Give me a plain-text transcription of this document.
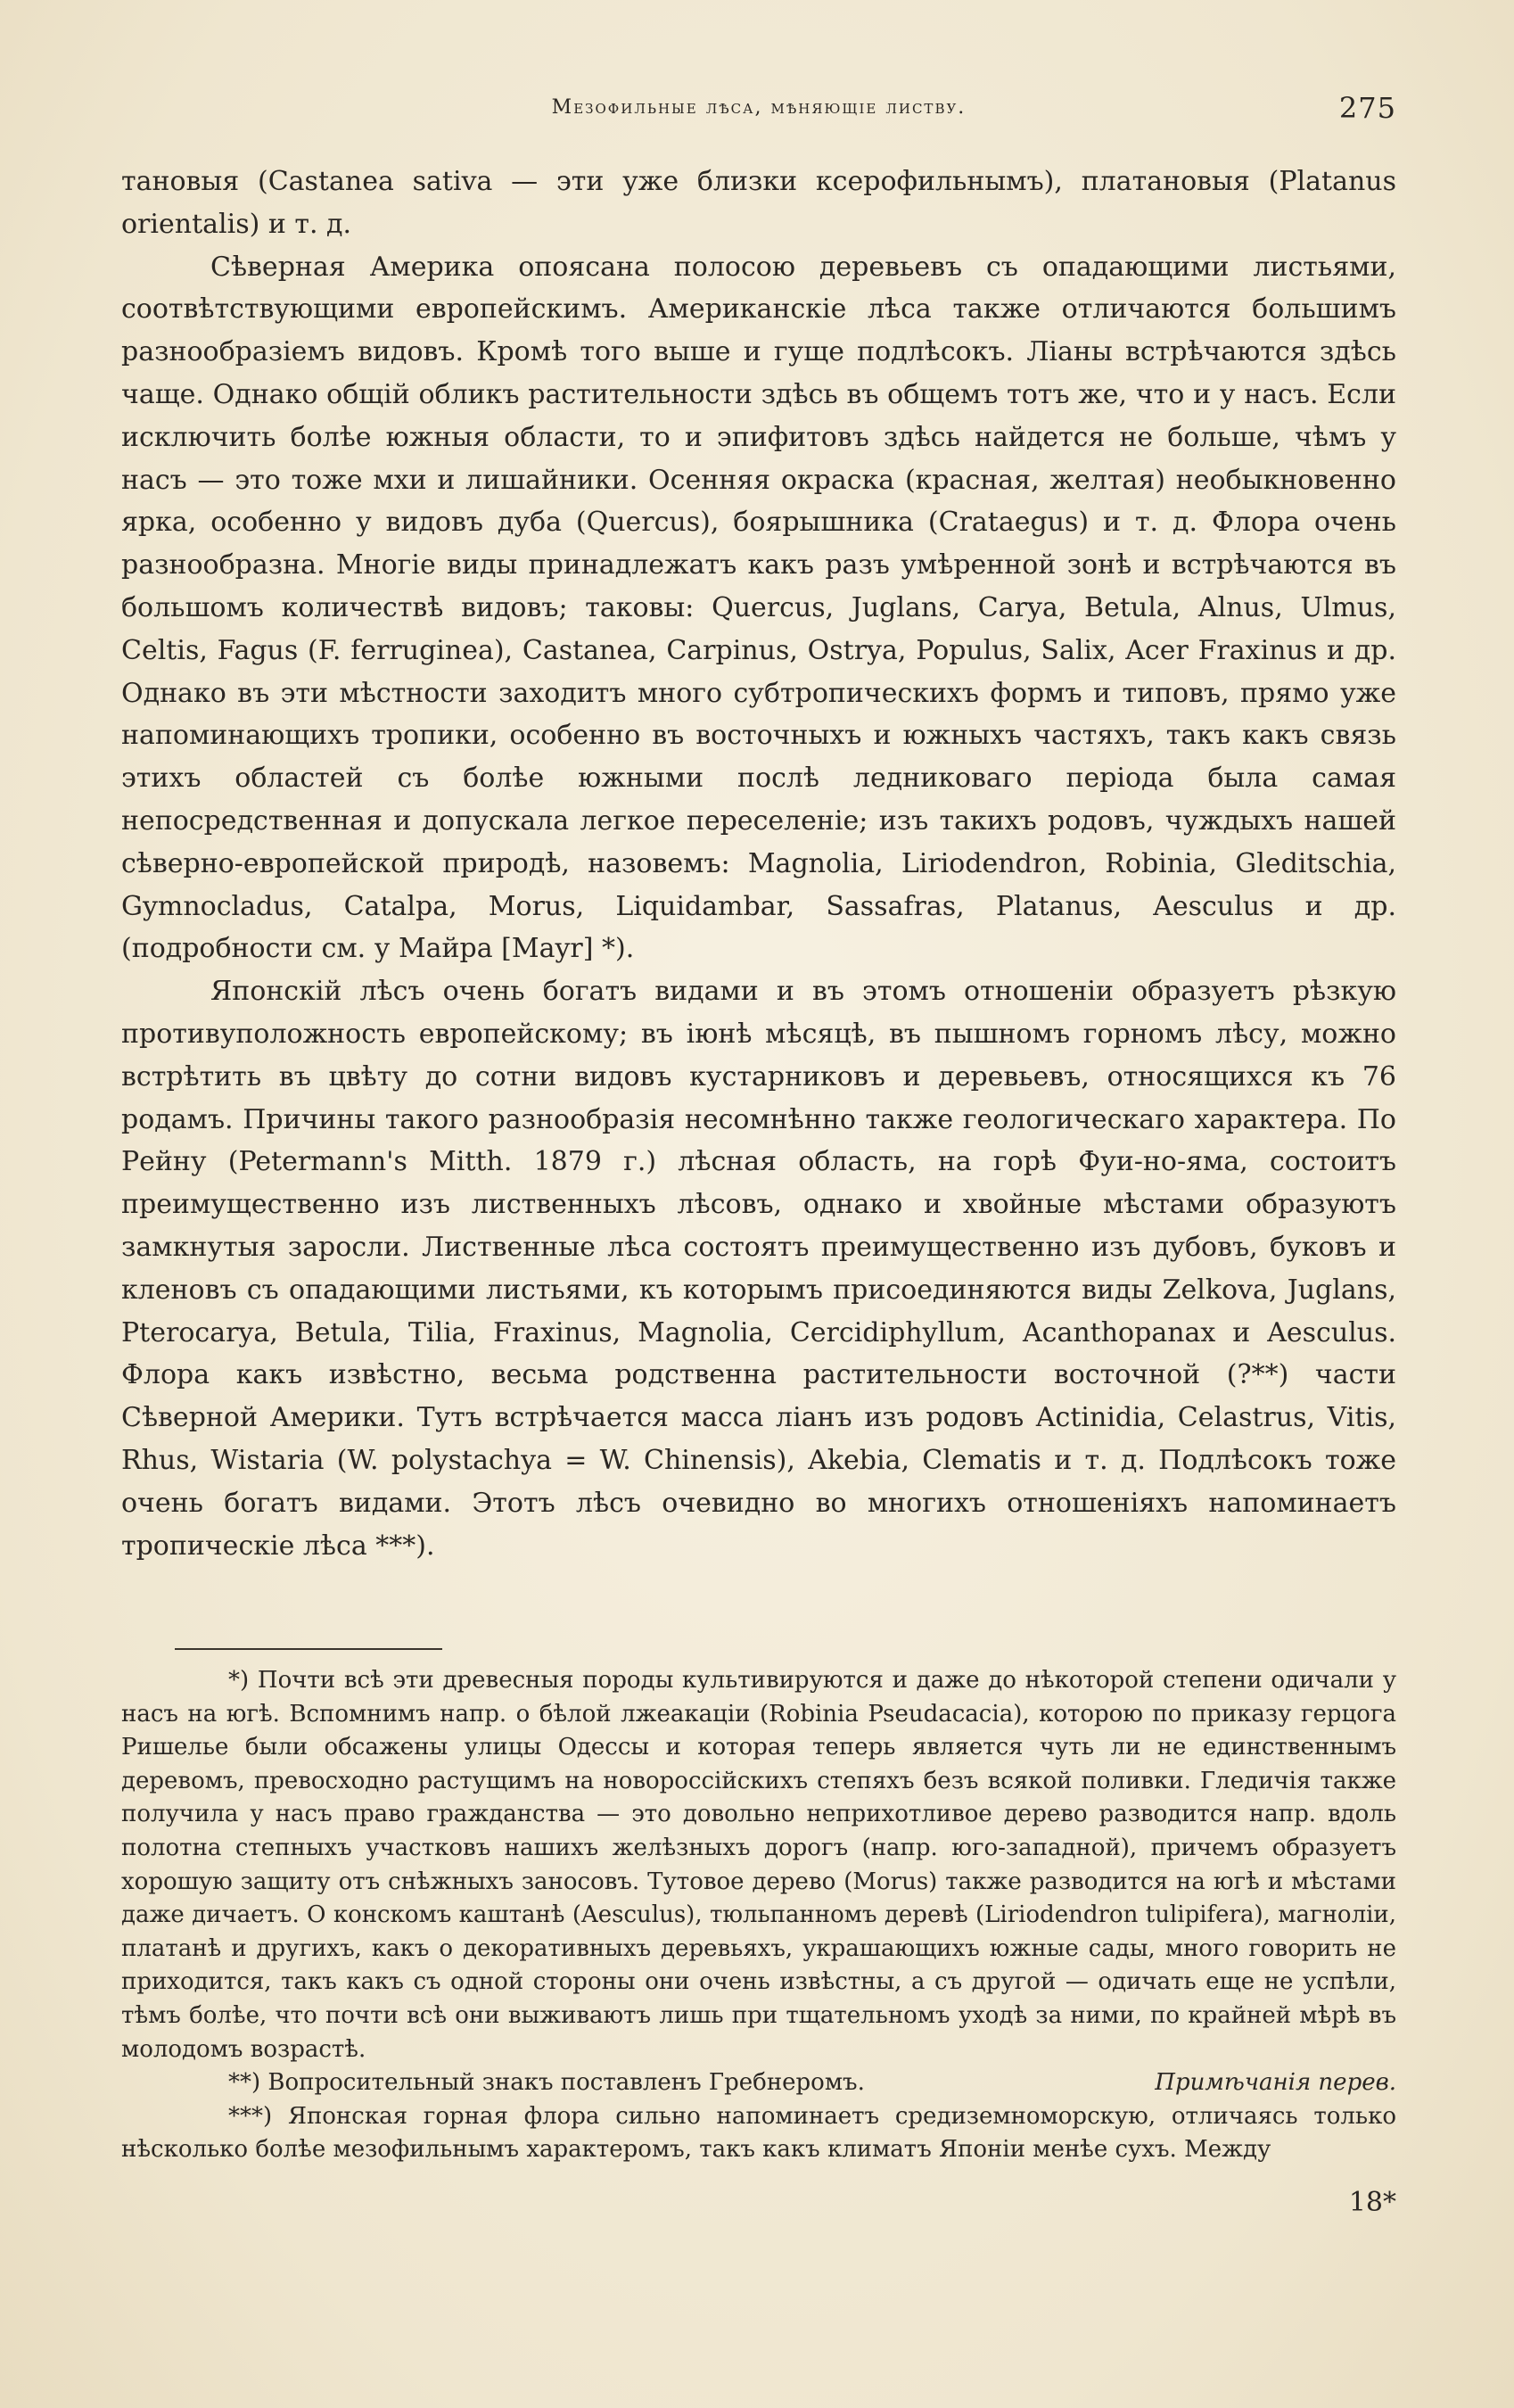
Мезофильные лѣса, мѣняющіе листву.	275

тановыя (Castanea sativa — эти уже близки ксерофильнымъ), платановыя (Platanus orientalis) и т. д.

Сѣверная Америка опоясана полосою деревьевъ съ опадающими листьями, соотвѣтствующими европейскимъ. Американскіе лѣса также отличаются большимъ разнообразіемъ видовъ. Кромѣ того выше и гуще подлѣсокъ. Ліаны встрѣчаются здѣсь чаще. Однако общій обликъ растительности здѣсь въ общемъ тотъ же, что и у насъ. Если исключить болѣе южныя области, то и эпифитовъ здѣсь найдется не больше, чѣмъ у насъ — это тоже мхи и лишайники. Осенняя окраска (красная, желтая) необыкновенно ярка, особенно у видовъ дуба (Quercus), боярышника (Crataegus) и т. д. Флора очень разнообразна. Многіе виды принадлежатъ какъ разъ умѣренной зонѣ и встрѣчаются въ большомъ количествѣ видовъ; таковы: Quercus, Juglans, Carya, Betula, Alnus, Ulmus, Celtis, Fagus (F. ferruginea), Castanea, Carpinus, Ostrya, Populus, Salix, Acer Fraxinus и др. Однако въ эти мѣстности заходитъ много субтропическихъ формъ и типовъ, прямо уже напоминающихъ тропики, особенно въ восточныхъ и южныхъ частяхъ, такъ какъ связь этихъ областей съ болѣе южными послѣ ледниковаго періода была самая непосредственная и допускала легкое переселеніе; изъ такихъ родовъ, чуждыхъ нашей сѣверно-европейской природѣ, назовемъ: Magnolia, Liriodendron, Robinia, Gleditschia, Gymnocladus, Catalpa, Morus, Liquidambar, Sassafras, Platanus, Aesculus и др. (подробности см. у Майра [Mayr] *).

Японскій лѣсъ очень богатъ видами и въ этомъ отношеніи образуетъ рѣзкую противуположность европейскому; въ іюнѣ мѣсяцѣ, въ пышномъ горномъ лѣсу, можно встрѣтить въ цвѣту до сотни видовъ кустарниковъ и деревьевъ, относящихся къ 76 родамъ. Причины такого разнообразія несомнѣнно также геологическаго характера. По Рейну (Petermann's Mitth. 1879 г.) лѣсная область, на горѣ Фуи-но-яма, состоитъ преимущественно изъ лиственныхъ лѣсовъ, однако и хвойные мѣстами образуютъ замкнутыя заросли. Лиственные лѣса состоятъ преимущественно изъ дубовъ, буковъ и кленовъ съ опадающими листьями, къ которымъ присоединяются виды Zelkova, Juglans, Pterocarya, Betula, Tilia, Fraxinus, Magnolia, Cercidiphyllum, Acanthopanax и Aesculus. Флора какъ извѣстно, весьма родственна растительности восточной (?**) части Сѣверной Америки. Тутъ встрѣчается масса ліанъ изъ родовъ Actinidia, Celastrus, Vitis, Rhus, Wistaria (W. polystachya = W. Chinensis), Akebia, Clematis и т. д. Подлѣсокъ тоже очень богатъ видами. Этотъ лѣсъ очевидно во многихъ отношеніяхъ напоминаетъ тропическіе лѣса ***).

*) Почти всѣ эти древесныя породы культивируются и даже до нѣкоторой степени одичали у насъ на югѣ. Вспомнимъ напр. о бѣлой лжеакаціи (Robinia Pseudacacia), которою по приказу герцога Ришелье были обсажены улицы Одессы и которая теперь является чуть ли не единственнымъ деревомъ, превосходно растущимъ на новороссійскихъ степяхъ безъ всякой поливки. Гледичія также получила у насъ право гражданства — это довольно неприхотливое дерево разводится напр. вдоль полотна степныхъ участковъ нашихъ желѣзныхъ дорогъ (напр. юго-западной), причемъ образуетъ хорошую защиту отъ снѣжныхъ заносовъ. Тутовое дерево (Morus) также разводится на югѣ и мѣстами даже дичаетъ. О конскомъ каштанѣ (Aesculus), тюльпанномъ деревѣ (Liriodendron tulipifera), магноліи, платанѣ и другихъ, какъ о декоративныхъ деревьяхъ, украшающихъ южные сады, много говорить не приходится, такъ какъ съ одной стороны они очень извѣстны, а съ другой — одичать еще не успѣли, тѣмъ болѣе, что почти всѣ они выживаютъ лишь при тщательномъ уходѣ за ними, по крайней мѣрѣ въ молодомъ возрастѣ.

**) Вопросительный знакъ поставленъ Гребнеромъ.	Примѣчанія перев.

***) Японская горная флора сильно напоминаетъ средиземноморскую, отличаясь только нѣсколько болѣе мезофильнымъ характеромъ, такъ какъ климатъ Японіи менѣе сухъ. Между

18*
